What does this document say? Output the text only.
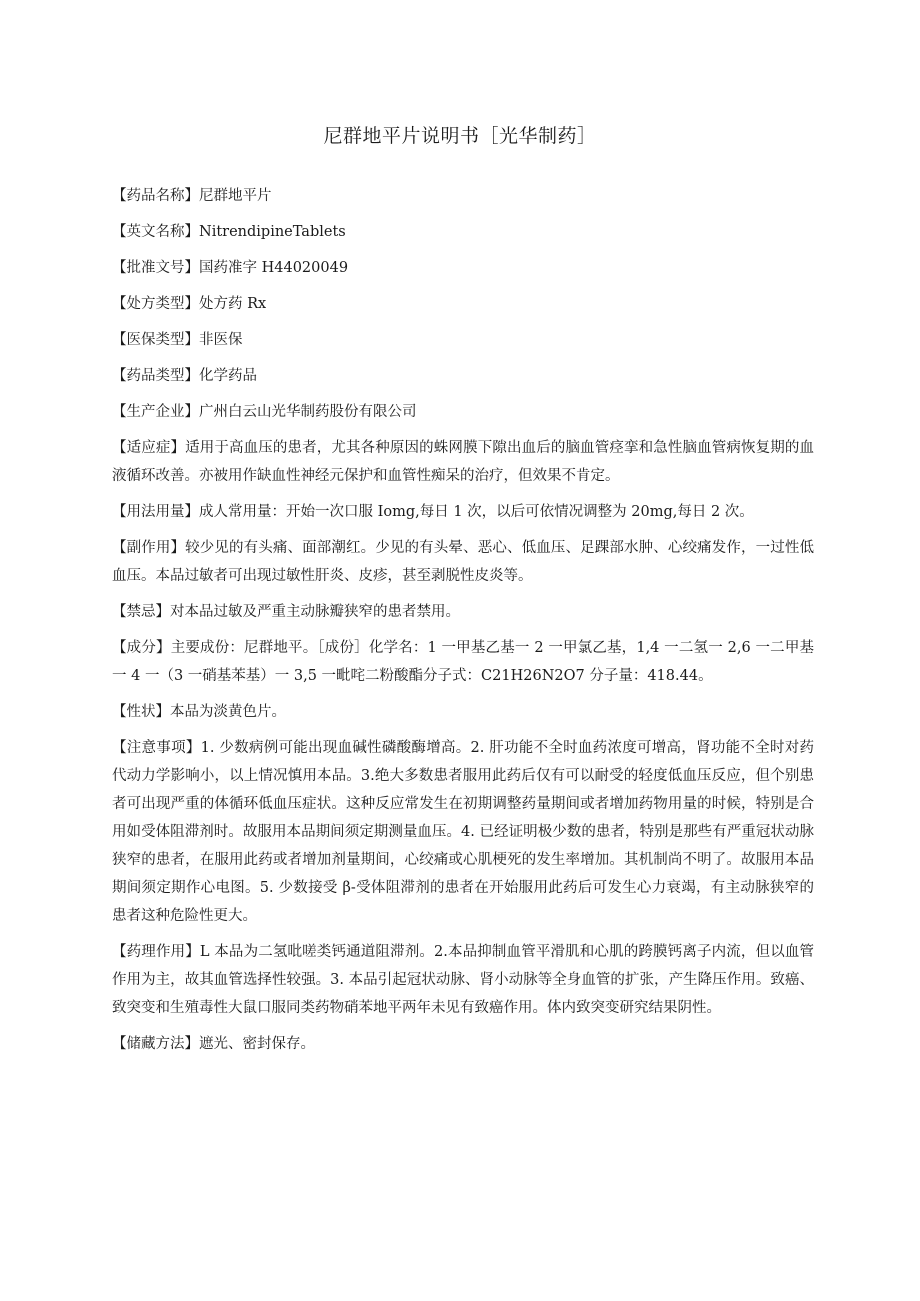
尼群地平片说明书［光华制药］

【药品名称】尼群地平片

【英文名称】NitrendipineTablets

【批准文号】国药准字 H44020049

【处方类型】处方药 Rx

【医保类型】非医保

【药品类型】化学药品

【生产企业】广州白云山光华制药股份有限公司

【适应症】适用于高血压的患者，尤其各种原因的蛛网膜下隙出血后的脑血管痉挛和急性脑血管病恢复期的血液循环改善。亦被用作缺血性神经元保护和血管性痴呆的治疗，但效果不肯定。

【用法用量】成人常用量：开始一次口服 Iomg,每日 1 次，以后可依情况调整为 20mg,每日 2 次。

【副作用】较少见的有头痛、面部潮红。少见的有头晕、恶心、低血压、足踝部水肿、心绞痛发作，一过性低血压。本品过敏者可出现过敏性肝炎、皮疹，甚至剥脱性皮炎等。

【禁忌】对本品过敏及严重主动脉瓣狭窄的患者禁用。

【成分】主要成份：尼群地平。［成份］化学名：1 一甲基乙基一 2 一甲氯乙基，1,4 一二氢一 2,6 一二甲基一 4 一（3 一硝基苯基）一 3,5 一毗咤二粉酸酯分子式：C21H26N2O7 分子量：418.44。

【性状】本品为淡黄色片。

【注意事项】1. 少数病例可能出现血碱性磷酸酶增高。2. 肝功能不全时血药浓度可增高，肾功能不全时对药代动力学影响小，以上情况慎用本品。3.绝大多数患者服用此药后仅有可以耐受的轻度低血压反应，但个别患者可出现严重的体循环低血压症状。这种反应常发生在初期调整药量期间或者增加药物用量的时候，特别是合用如受体阻滞剂时。故服用本品期间须定期测量血压。4. 已经证明极少数的患者，特别是那些有严重冠状动脉狭窄的患者，在服用此药或者增加剂量期间，心绞痛或心肌梗死的发生率增加。其机制尚不明了。故服用本品期间须定期作心电图。5. 少数接受 β-受体阻滞剂的患者在开始服用此药后可发生心力衰竭，有主动脉狭窄的患者这种危险性更大。

【药理作用】L 本品为二氢吡嗟类钙通道阻滞剂。2.本品抑制血管平滑肌和心肌的跨膜钙离子内流，但以血管作用为主，故其血管选择性较强。3. 本品引起冠状动脉、肾小动脉等全身血管的扩张，产生降压作用。致癌、致突变和生殖毒性大鼠口服同类药物硝苯地平两年未见有致癌作用。体内致突变研究结果阴性。

【储藏方法】遮光、密封保存。
